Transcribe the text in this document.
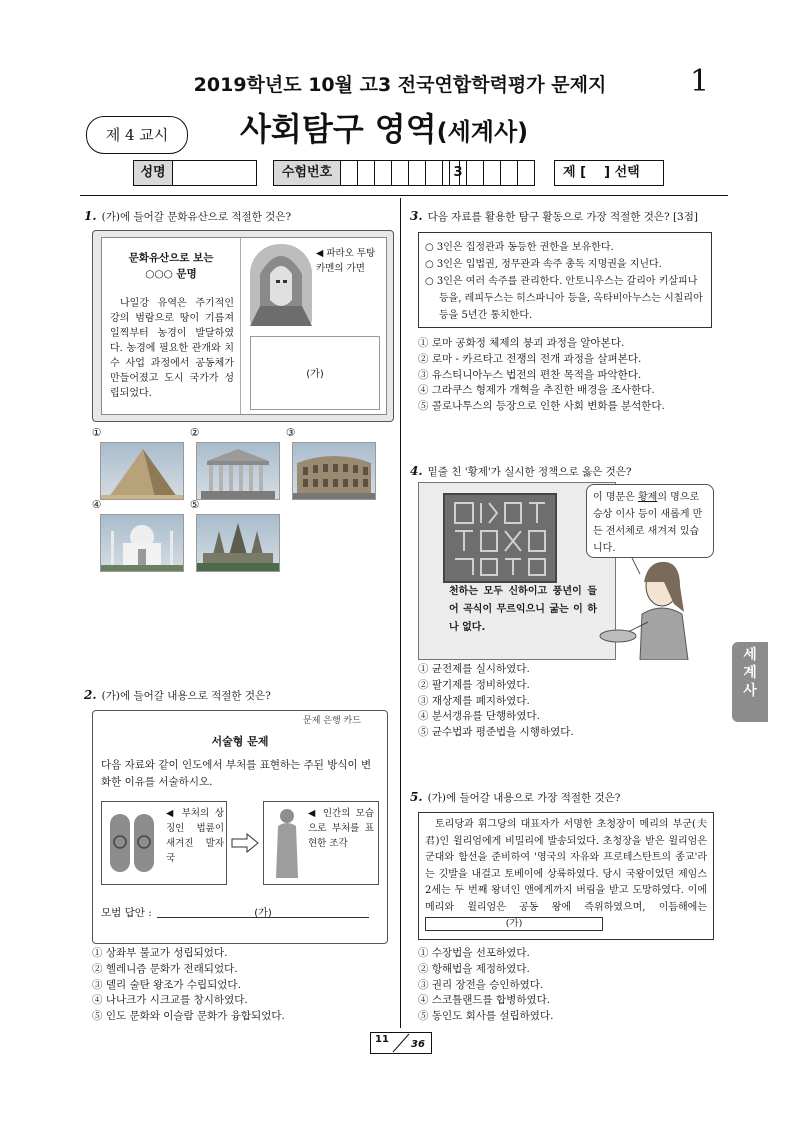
2019학년도 10월 고3 전국연합학력평가 문제지	1
제 4 교시	사회탐구 영역(세계사)
성명	수험번호	3	제 [ ] 선택
1. (가)에 들어갈 문화유산으로 적절한 것은?
문화유산으로 보는
○○○ 문명
나일강 유역은 주기적인 강의 범람으로 땅이 기름져 일찍부터 농경이 발달하였다. 농경에 필요한 관개와 치수 사업 과정에서 공동체가 만들어졌고 도시 국가가 성립되었다.
◀ 파라오 투탕카멘의 가면
(가)
①	②	③
④	⑤
2. (가)에 들어갈 내용으로 적절한 것은?
문제 은행 카드
서술형 문제
다음 자료와 같이 인도에서 부처를 표현하는 주된 방식이 변화한 이유를 서술하시오.
◀ 부처의 상징인 법륜이 새겨진 발자국
◀ 인간의 모습으로 부처를 표현한 조각
모범 답안 :	(가)
① 상좌부 불교가 성립되었다.
② 헬레니즘 문화가 전래되었다.
③ 델리 술탄 왕조가 수립되었다.
④ 나나크가 시크교를 창시하였다.
⑤ 인도 문화와 이슬람 문화가 융합되었다.
3. 다음 자료를 활용한 탐구 활동으로 가장 적절한 것은? [3점]
○ 3인은 집정관과 동등한 권한을 보유한다.
○ 3인은 입법권, 정무관과 속주 총독 지명권을 지닌다.
○ 3인은 여러 속주를 관리한다. 안토니우스는 갈리아 키살피나 등을, 레피두스는 히스파니아 등을, 옥타비아누스는 시칠리아 등을 5년간 통치한다.
① 로마 공화정 체제의 붕괴 과정을 알아본다.
② 로마 - 카르타고 전쟁의 전개 과정을 살펴본다.
③ 유스티니아누스 법전의 편찬 목적을 파악한다.
④ 그라쿠스 형제가 개혁을 추진한 배경을 조사한다.
⑤ 콜로나투스의 등장으로 인한 사회 변화를 분석한다.
4. 밑줄 친 '황제'가 실시한 정책으로 옳은 것은?
천하는 모두 신하이고 풍년이 들어 곡식이 무르익으니 굶는 이 하나 없다.
이 명문은 황제의 명으로 승상 이사 등이 새롭게 만든 전서체로 새겨져 있습니다.
① 균전제를 실시하였다.
② 팔기제를 정비하였다.
③ 재상제를 폐지하였다.
④ 분서갱유를 단행하였다.
⑤ 균수법과 평준법을 시행하였다.
5. (가)에 들어갈 내용으로 가장 적절한 것은?
토리당과 휘그당의 대표자가 서명한 초청장이 메리의 부군(夫君)인 윌리엄에게 비밀리에 발송되었다. 초청장을 받은 윌리엄은 군대와 함선을 준비하여 '영국의 자유와 프로테스탄트의 종교'라는 깃발을 내걸고 토베이에 상륙하였다. 당시 국왕이었던 제임스 2세는 두 번째 왕녀인 앤에게까지 버림을 받고 도망하였다. 이에 메리와 윌리엄은 공동 왕에 즉위하였으며, 이듬해에는 (가)
① 수장법을 선포하였다.
② 항해법을 제정하였다.
③ 권리 장전을 승인하였다.
④ 스코틀랜드를 합병하였다.
⑤ 동인도 회사를 설립하였다.
세계사
11 36
